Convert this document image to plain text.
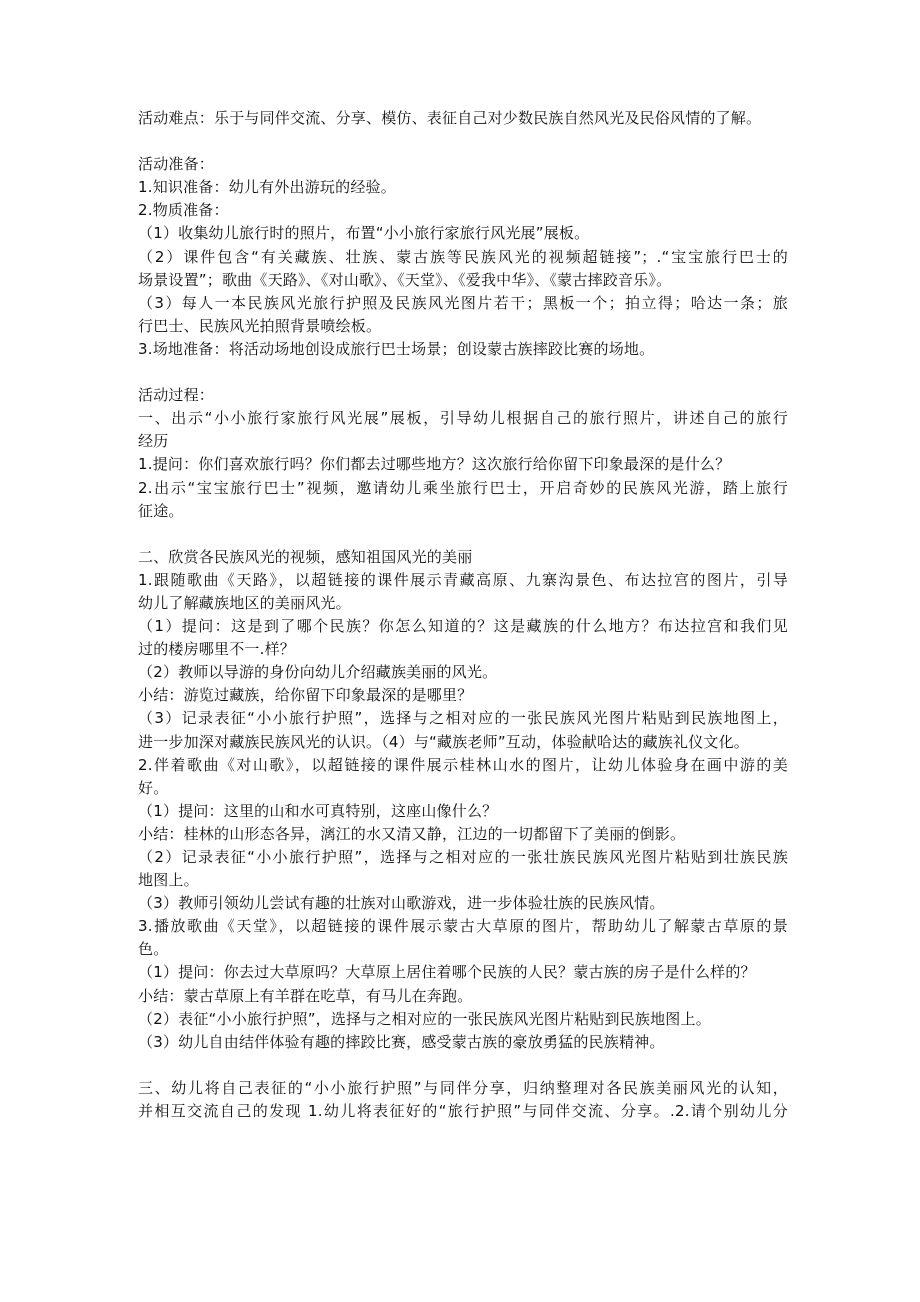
活动难点：乐于与同伴交流、分享、模仿、表征自己对少数民族自然风光及民俗风情的了解。
活动准备：
1.知识准备：幼儿有外出游玩的经验。
2.物质准备：
（1）收集幼儿旅行时的照片，布置“小小旅行家旅行风光展”展板。
（2）课件包含“有关藏族、壮族、蒙古族等民族风光的视频超链接”；.“宝宝旅行巴士的
场景设置”；歌曲《天路》、《对山歌》、《天堂》、《爱我中华》、《蒙古摔跤音乐》。
（3）每人一本民族风光旅行护照及民族风光图片若干；黑板一个；拍立得；哈达一条；旅
行巴士、民族风光拍照背景喷绘板。
3.场地准备：将活动场地创设成旅行巴士场景；创设蒙古族摔跤比赛的场地。
活动过程：
一、出示“小小旅行家旅行风光展”展板，引导幼儿根据自己的旅行照片，讲述自己的旅行
经历
1.提问：你们喜欢旅行吗？你们都去过哪些地方？这次旅行给你留下印象最深的是什么？
2.出示“宝宝旅行巴士”视频，邀请幼儿乘坐旅行巴士，开启奇妙的民族风光游，踏上旅行
征途。
二、欣赏各民族风光的视频，感知祖国风光的美丽
1.跟随歌曲《天路》，以超链接的课件展示青藏高原、九寨沟景色、布达拉宫的图片，引导
幼儿了解藏族地区的美丽风光。
（1）提问：这是到了哪个民族？你怎么知道的？这是藏族的什么地方？布达拉宫和我们见
过的楼房哪里不一.样？
（2）教师以导游的身份向幼儿介绍藏族美丽的风光。
小结：游览过藏族，给你留下印象最深的是哪里？
（3）记录表征“小小旅行护照”，选择与之相对应的一张民族风光图片粘贴到民族地图上，
进一步加深对藏族民族风光的认识。（4）与“藏族老师”互动，体验献哈达的藏族礼仪文化。
2.伴着歌曲《对山歌》，以超链接的课件展示桂林山水的图片，让幼儿体验身在画中游的美
好。
（1）提问：这里的山和水可真特别，这座山像什么？
小结：桂林的山形态各异，漓江的水又清又静，江边的一切都留下了美丽的倒影。
（2）记录表征“小小旅行护照”，选择与之相对应的一张壮族民族风光图片粘贴到壮族民族
地图上。
（3）教师引领幼儿尝试有趣的壮族对山歌游戏，进一步体验壮族的民族风情。
3.播放歌曲《天堂》，以超链接的课件展示蒙古大草原的图片，帮助幼儿了解蒙古草原的景
色。
（1）提问：你去过大草原吗？大草原上居住着哪个民族的人民？蒙古族的房子是什么样的？
小结：蒙古草原上有羊群在吃草，有马儿在奔跑。
（2）表征“小小旅行护照”，选择与之相对应的一张民族风光图片粘贴到民族地图上。
（3）幼儿自由结伴体验有趣的摔跤比赛，感受蒙古族的豪放勇猛的民族精神。
三、幼儿将自己表征的“小小旅行护照”与同伴分享，归纳整理对各民族美丽风光的认知，
并相互交流自己的发现 1.幼儿将表征好的“旅行护照”与同伴交流、分享。.2.请个别幼儿分
